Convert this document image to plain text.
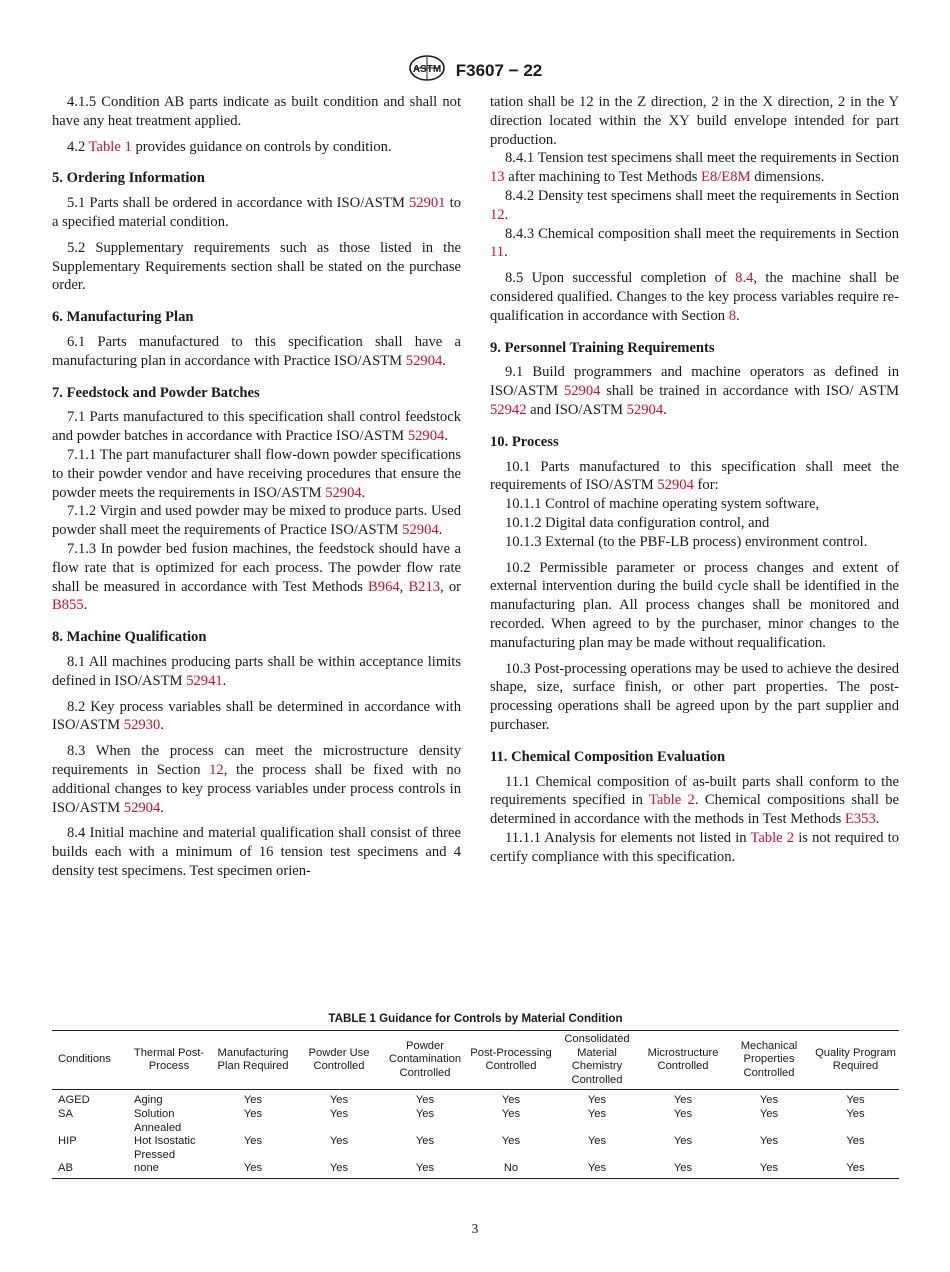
ASTM F3607 − 22

4.1.5 Condition AB parts indicate as built condition and shall not have any heat treatment applied.

4.2 Table 1 provides guidance on controls by condition.

5. Ordering Information

5.1 Parts shall be ordered in accordance with ISO/ASTM 52901 to a specified material condition.

5.2 Supplementary requirements such as those listed in the Supplementary Requirements section shall be stated on the purchase order.

6. Manufacturing Plan

6.1 Parts manufactured to this specification shall have a manufacturing plan in accordance with Practice ISO/ASTM 52904.

7. Feedstock and Powder Batches

7.1 Parts manufactured to this specification shall control feedstock and powder batches in accordance with Practice ISO/ASTM 52904.

7.1.1 The part manufacturer shall flow-down powder specifications to their powder vendor and have receiving procedures that ensure the powder meets the requirements in ISO/ASTM 52904.

7.1.2 Virgin and used powder may be mixed to produce parts. Used powder shall meet the requirements of Practice ISO/ASTM 52904.

7.1.3 In powder bed fusion machines, the feedstock should have a flow rate that is optimized for each process. The powder flow rate shall be measured in accordance with Test Methods B964, B213, or B855.

8. Machine Qualification

8.1 All machines producing parts shall be within acceptance limits defined in ISO/ASTM 52941.

8.2 Key process variables shall be determined in accordance with ISO/ASTM 52930.

8.3 When the process can meet the microstructure density requirements in Section 12, the process shall be fixed with no additional changes to key process variables under process controls in ISO/ASTM 52904.

8.4 Initial machine and material qualification shall consist of three builds each with a minimum of 16 tension test specimens and 4 density test specimens. Test specimen orien-

tation shall be 12 in the Z direction, 2 in the X direction, 2 in the Y direction located within the XY build envelope intended for part production.

8.4.1 Tension test specimens shall meet the requirements in Section 13 after machining to Test Methods E8/E8M dimensions.

8.4.2 Density test specimens shall meet the requirements in Section 12.

8.4.3 Chemical composition shall meet the requirements in Section 11.

8.5 Upon successful completion of 8.4, the machine shall be considered qualified. Changes to the key process variables require re-qualification in accordance with Section 8.

9. Personnel Training Requirements

9.1 Build programmers and machine operators as defined in ISO/ASTM 52904 shall be trained in accordance with ISO/ ASTM 52942 and ISO/ASTM 52904.

10. Process

10.1 Parts manufactured to this specification shall meet the requirements of ISO/ASTM 52904 for:

10.1.1 Control of machine operating system software,

10.1.2 Digital data configuration control, and

10.1.3 External (to the PBF-LB process) environment control.

10.2 Permissible parameter or process changes and extent of external intervention during the build cycle shall be identified in the manufacturing plan. All process changes shall be monitored and recorded. When agreed to by the purchaser, minor changes to the manufacturing plan may be made without requalification.

10.3 Post-processing operations may be used to achieve the desired shape, size, surface finish, or other part properties. The post-processing operations shall be agreed upon by the part supplier and purchaser.

11. Chemical Composition Evaluation

11.1 Chemical composition of as-built parts shall conform to the requirements specified in Table 2. Chemical compositions shall be determined in accordance with the methods in Test Methods E353.

11.1.1 Analysis for elements not listed in Table 2 is not required to certify compliance with this specification.

TABLE 1 Guidance for Controls by Material Condition
Conditions	Thermal Post-Process	Manufacturing Plan Required	Powder Use Controlled	Powder Contamination Controlled	Post-Processing Controlled	Consolidated Material Chemistry Controlled	Microstructure Controlled	Mechanical Properties Controlled	Quality Program Required
AGED	Aging	Yes	Yes	Yes	Yes	Yes	Yes	Yes	Yes
SA	Solution Annealed	Yes	Yes	Yes	Yes	Yes	Yes	Yes	Yes
HIP	Hot Isostatic Pressed	Yes	Yes	Yes	Yes	Yes	Yes	Yes	Yes
AB	none	Yes	Yes	Yes	No	Yes	Yes	Yes	Yes
3
